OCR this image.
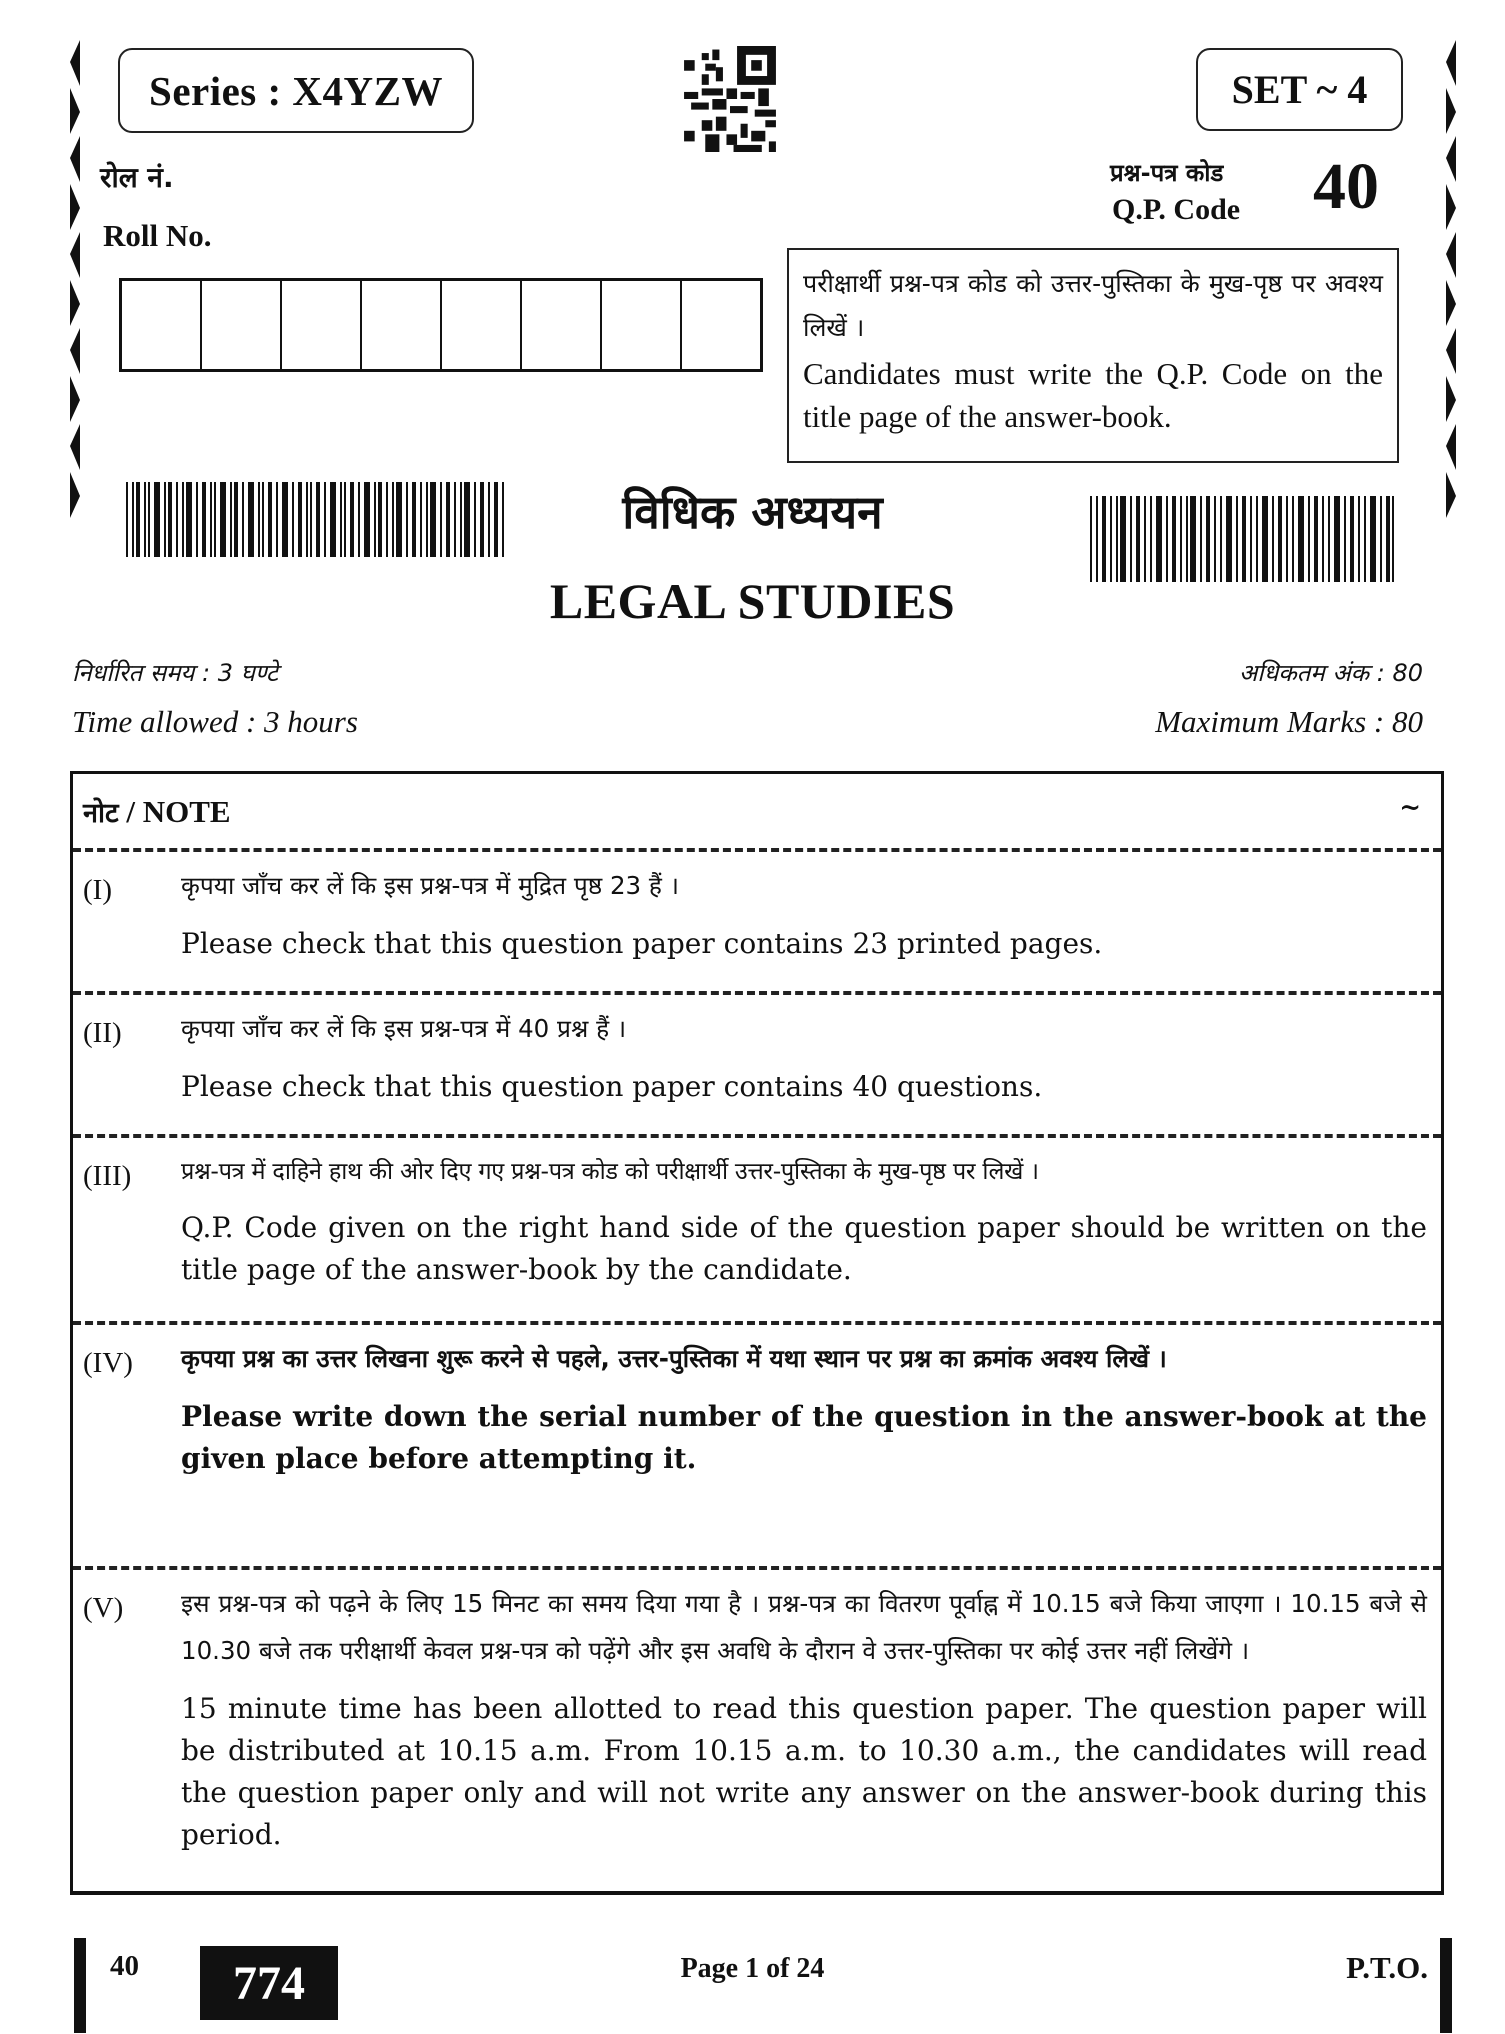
Series : X4YZW	SET ~ 4
रोल नं.
Roll No.
प्रश्न-पत्र कोड
Q.P. Code 40
परीक्षार्थी प्रश्न-पत्र कोड को उत्तर-पुस्तिका के मुख-पृष्ठ पर अवश्य लिखें ।
Candidates must write the Q.P. Code on the title page of the answer-book.
विधिक अध्ययन
LEGAL STUDIES
निर्धारित समय : 3 घण्टे
Time allowed : 3 hours
अधिकतम अंक : 80
Maximum Marks : 80
नोट / NOTE	~
(I)	कृपया जाँच कर लें कि इस प्रश्न-पत्र में मुद्रित पृष्ठ 23 हैं ।
Please check that this question paper contains 23 printed pages.
(II) कृपया जाँच कर लें कि इस प्रश्न-पत्र में 40 प्रश्न हैं ।
Please check that this question paper contains 40 questions.
(III) प्रश्न-पत्र में दाहिने हाथ की ओर दिए गए प्रश्न-पत्र कोड को परीक्षार्थी उत्तर-पुस्तिका के मुख-पृष्ठ पर लिखें ।
Q.P. Code given on the right hand side of the question paper should be written on the title page of the answer-book by the candidate.
(IV) कृपया प्रश्न का उत्तर लिखना शुरू करने से पहले, उत्तर-पुस्तिका में यथा स्थान पर प्रश्न का क्रमांक अवश्य लिखें ।
Please write down the serial number of the question in the answer-book at the given place before attempting it.
(V) इस प्रश्न-पत्र को पढ़ने के लिए 15 मिनट का समय दिया गया है । प्रश्न-पत्र का वितरण पूर्वाह्न में 10.15 बजे किया जाएगा । 10.15 बजे से 10.30 बजे तक परीक्षार्थी केवल प्रश्न-पत्र को पढ़ेंगे और इस अवधि के दौरान वे उत्तर-पुस्तिका पर कोई उत्तर नहीं लिखेंगे ।
15 minute time has been allotted to read this question paper. The question paper will be distributed at 10.15 a.m. From 10.15 a.m. to 10.30 a.m., the candidates will read the question paper only and will not write any answer on the answer-book during this period.
40	774	Page 1 of 24	P.T.O.
